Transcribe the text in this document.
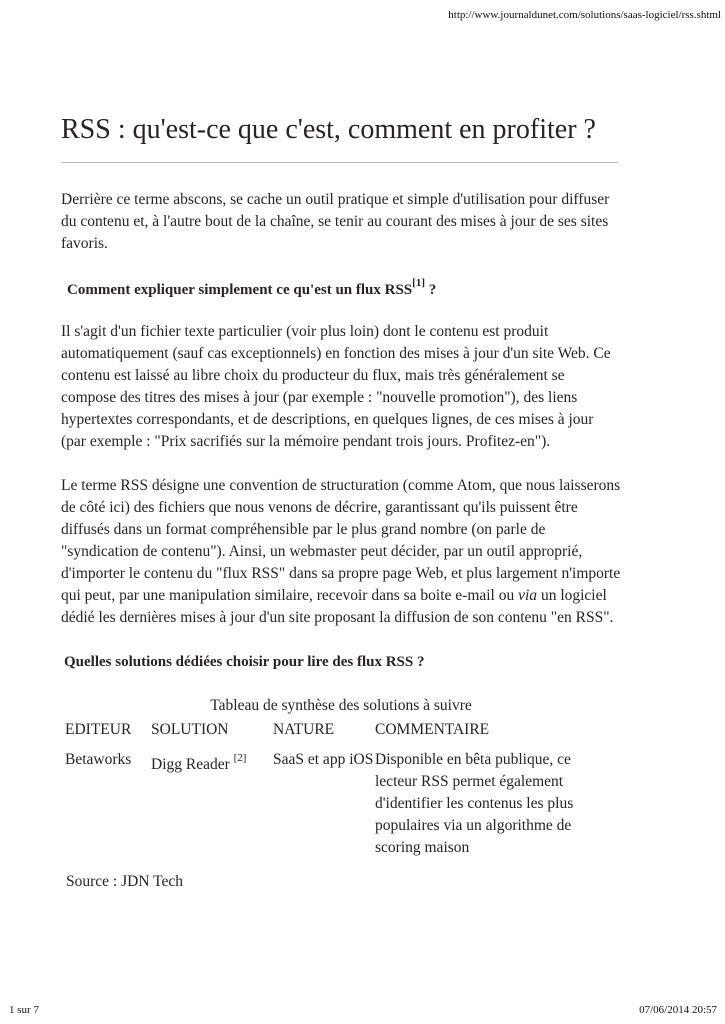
http://www.journaldunet.com/solutions/saas-logiciel/rss.shtml
RSS : qu'est-ce que c'est, comment en profiter ?

Derrière ce terme abscons, se cache un outil pratique et simple d'utilisation pour diffuser du contenu et, à l'autre bout de la chaîne, se tenir au courant des mises à jour de ses sites favoris.

Comment expliquer simplement ce qu'est un flux RSS[1] ?

Il s'agit d'un fichier texte particulier (voir plus loin) dont le contenu est produit automatiquement (sauf cas exceptionnels) en fonction des mises à jour d'un site Web. Ce contenu est laissé au libre choix du producteur du flux, mais très généralement se compose des titres des mises à jour (par exemple : "nouvelle promotion"), des liens hypertextes correspondants, et de descriptions, en quelques lignes, de ces mises à jour (par exemple : "Prix sacrifiés sur la mémoire pendant trois jours. Profitez-en").

Le terme RSS désigne une convention de structuration (comme Atom, que nous laisserons de côté ici) des fichiers que nous venons de décrire, garantissant qu'ils puissent être diffusés dans un format compréhensible par le plus grand nombre (on parle de "syndication de contenu"). Ainsi, un webmaster peut décider, par un outil approprié, d'importer le contenu du "flux RSS" dans sa propre page Web, et plus largement n'importe qui peut, par une manipulation similaire, recevoir dans sa boite e-mail ou via un logiciel dédié les dernières mises à jour d'un site proposant la diffusion de son contenu "en RSS".

Quelles solutions dédiées choisir pour lire des flux RSS ?
Tableau de synthèse des solutions à suivre
EDITEUR	SOLUTION	NATURE	COMMENTAIRE
Betaworks	Digg Reader [2]	SaaS et app iOS	Disponible en bêta publique, ce lecteur RSS permet également d'identifier les contenus les plus populaires via un algorithme de scoring maison
Source : JDN Tech
1 sur 7	07/06/2014 20:57
